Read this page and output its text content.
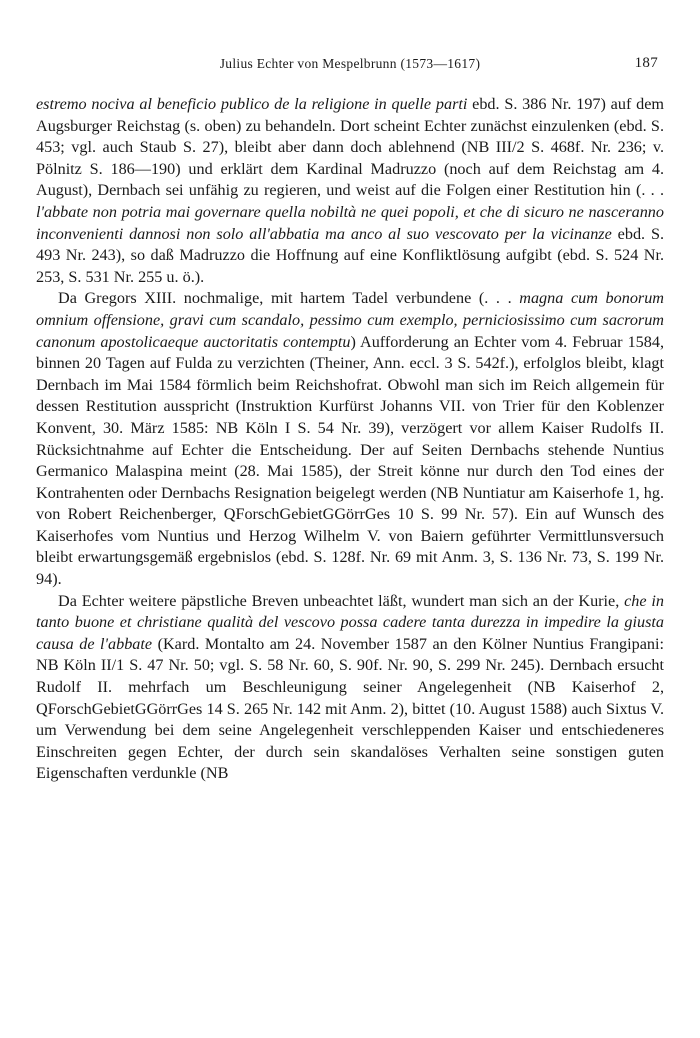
Julius Echter von Mespelbrunn (1573—1617)	187

estremo nociva al beneficio publico de la religione in quelle parti ebd. S. 386 Nr. 197) auf dem Augsburger Reichstag (s. oben) zu behandeln. Dort scheint Echter zunächst einzulenken (ebd. S. 453; vgl. auch Staub S. 27), bleibt aber dann doch ablehnend (NB III/2 S. 468f. Nr. 236; v. Pölnitz S. 186—190) und erklärt dem Kardinal Madruzzo (noch auf dem Reichstag am 4. August), Dernbach sei unfähig zu regieren, und weist auf die Folgen einer Restitution hin (. . . l'abbate non potria mai governare quella nobiltà ne quei popoli, et che di sicuro ne nasceranno inconvenienti dannosi non solo all'abbatia ma anco al suo vescovato per la vicinanze ebd. S. 493 Nr. 243), so daß Madruzzo die Hoffnung auf eine Konfliktlösung aufgibt (ebd. S. 524 Nr. 253, S. 531 Nr. 255 u. ö.).

Da Gregors XIII. nochmalige, mit hartem Tadel verbundene (. . . magna cum bonorum omnium offensione, gravi cum scandalo, pessimo cum exemplo, perniciosissimo cum sacrorum canonum apostolicaeque auctoritatis contemptu) Aufforderung an Echter vom 4. Februar 1584, binnen 20 Tagen auf Fulda zu verzichten (Theiner, Ann. eccl. 3 S. 542f.), erfolglos bleibt, klagt Dernbach im Mai 1584 förmlich beim Reichshofrat. Obwohl man sich im Reich allgemein für dessen Restitution ausspricht (Instruktion Kurfürst Johanns VII. von Trier für den Koblenzer Konvent, 30. März 1585: NB Köln I S. 54 Nr. 39), verzögert vor allem Kaiser Rudolfs II. Rücksichtnahme auf Echter die Entscheidung. Der auf Seiten Dernbachs stehende Nuntius Germanico Malaspina meint (28. Mai 1585), der Streit könne nur durch den Tod eines der Kontrahenten oder Dernbachs Resignation beigelegt werden (NB Nuntiatur am Kaiserhofe 1, hg. von Robert Reichenberger, QForschGebietGGörrGes 10 S. 99 Nr. 57). Ein auf Wunsch des Kaiserhofes vom Nuntius und Herzog Wilhelm V. von Baiern geführter Vermittlunsversuch bleibt erwartungsgemäß ergebnislos (ebd. S. 128f. Nr. 69 mit Anm. 3, S. 136 Nr. 73, S. 199 Nr. 94).

Da Echter weitere päpstliche Breven unbeachtet läßt, wundert man sich an der Kurie, che in tanto buone et christiane qualità del vescovo possa cadere tanta durezza in impedire la giusta causa de l'abbate (Kard. Montalto am 24. November 1587 an den Kölner Nuntius Frangipani: NB Köln II/1 S. 47 Nr. 50; vgl. S. 58 Nr. 60, S. 90f. Nr. 90, S. 299 Nr. 245). Dernbach ersucht Rudolf II. mehrfach um Beschleunigung seiner Angelegenheit (NB Kaiserhof 2, QForschGebietGGörrGes 14 S. 265 Nr. 142 mit Anm. 2), bittet (10. August 1588) auch Sixtus V. um Verwendung bei dem seine Angelegenheit verschleppenden Kaiser und entschiedeneres Einschreiten gegen Echter, der durch sein skandalöses Verhalten seine sonstigen guten Eigenschaften verdunkle (NB
